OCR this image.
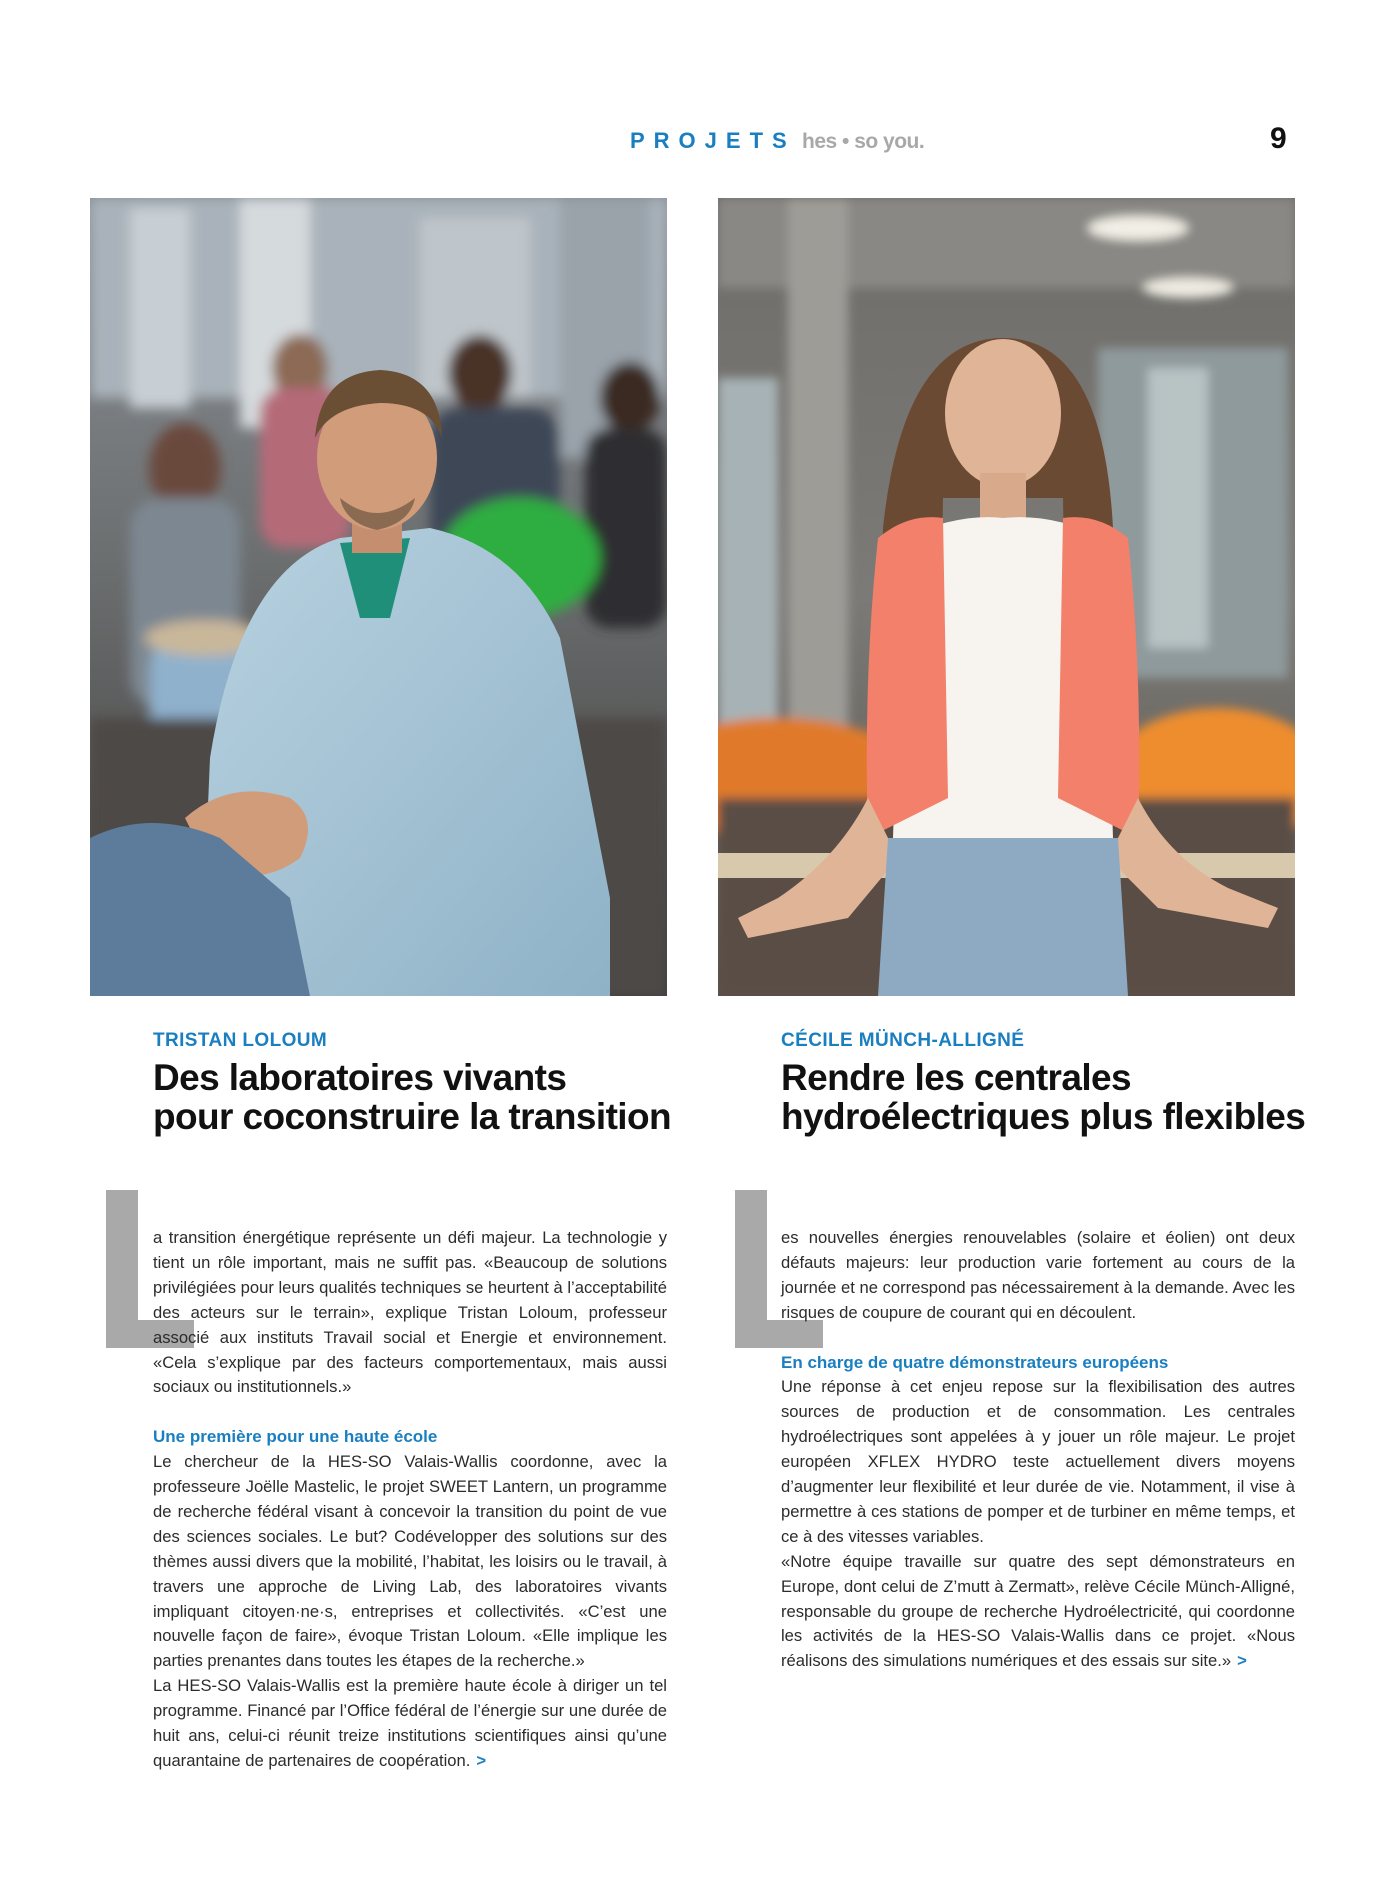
PROJETS hes • so you.	9
TRISTAN LOLOUM
Des laboratoires vivants
pour coconstruire la transition
CÉCILE MÜNCH-ALLIGNÉ
Rendre les centrales
hydroélectriques plus flexibles

a transition énergétique représente un défi majeur. La technologie y tient un rôle important, mais ne suffit pas. «Beaucoup de solutions privilégiées pour leurs qualités techniques se heurtent à l’acceptabilité des acteurs sur le terrain», explique Tristan Loloum, professeur associé aux instituts Travail social et Energie et environnement. «Cela s’explique par des facteurs comportementaux, mais aussi sociaux ou institutionnels.»

Une première pour une haute école

Le chercheur de la HES-SO Valais-Wallis coordonne, avec la professeure Joëlle Mastelic, le projet SWEET Lantern, un programme de recherche fédéral visant à concevoir la transition du point de vue des sciences sociales. Le but? Codévelopper des solutions sur des thèmes aussi divers que la mobilité, l’habitat, les loisirs ou le travail, à travers une approche de Living Lab, des laboratoires vivants impliquant citoyen·ne·s, entreprises et collectivités. «C’est une nouvelle façon de faire», évoque Tristan Loloum. «Elle implique les parties prenantes dans toutes les étapes de la recherche.»

La HES-SO Valais-Wallis est la première haute école à diriger un tel programme. Financé par l’Office fédéral de l’énergie sur une durée de huit ans, celui-ci réunit treize institutions scientifiques ainsi qu’une quarantaine de partenaires de coopération. >

es nouvelles énergies renouvelables (solaire et éolien) ont deux défauts majeurs: leur production varie fortement au cours de la journée et ne correspond pas nécessairement à la demande. Avec les risques de coupure de courant qui en découlent.

En charge de quatre démonstrateurs européens

Une réponse à cet enjeu repose sur la flexibilisation des autres sources de production et de consommation. Les centrales hydroélectriques sont appelées à y jouer un rôle majeur. Le projet européen XFLEX HYDRO teste actuellement divers moyens d’augmenter leur flexibilité et leur durée de vie. Notamment, il vise à permettre à ces stations de pomper et de turbiner en même temps, et ce à des vitesses variables.

«Notre équipe travaille sur quatre des sept démonstrateurs en Europe, dont celui de Z’mutt à Zermatt», relève Cécile Münch-Alligné, responsable du groupe de recherche Hydroélectricité, qui coordonne les activités de la HES-SO Valais-Wallis dans ce projet. «Nous réalisons des simulations numériques et des essais sur site.» >
